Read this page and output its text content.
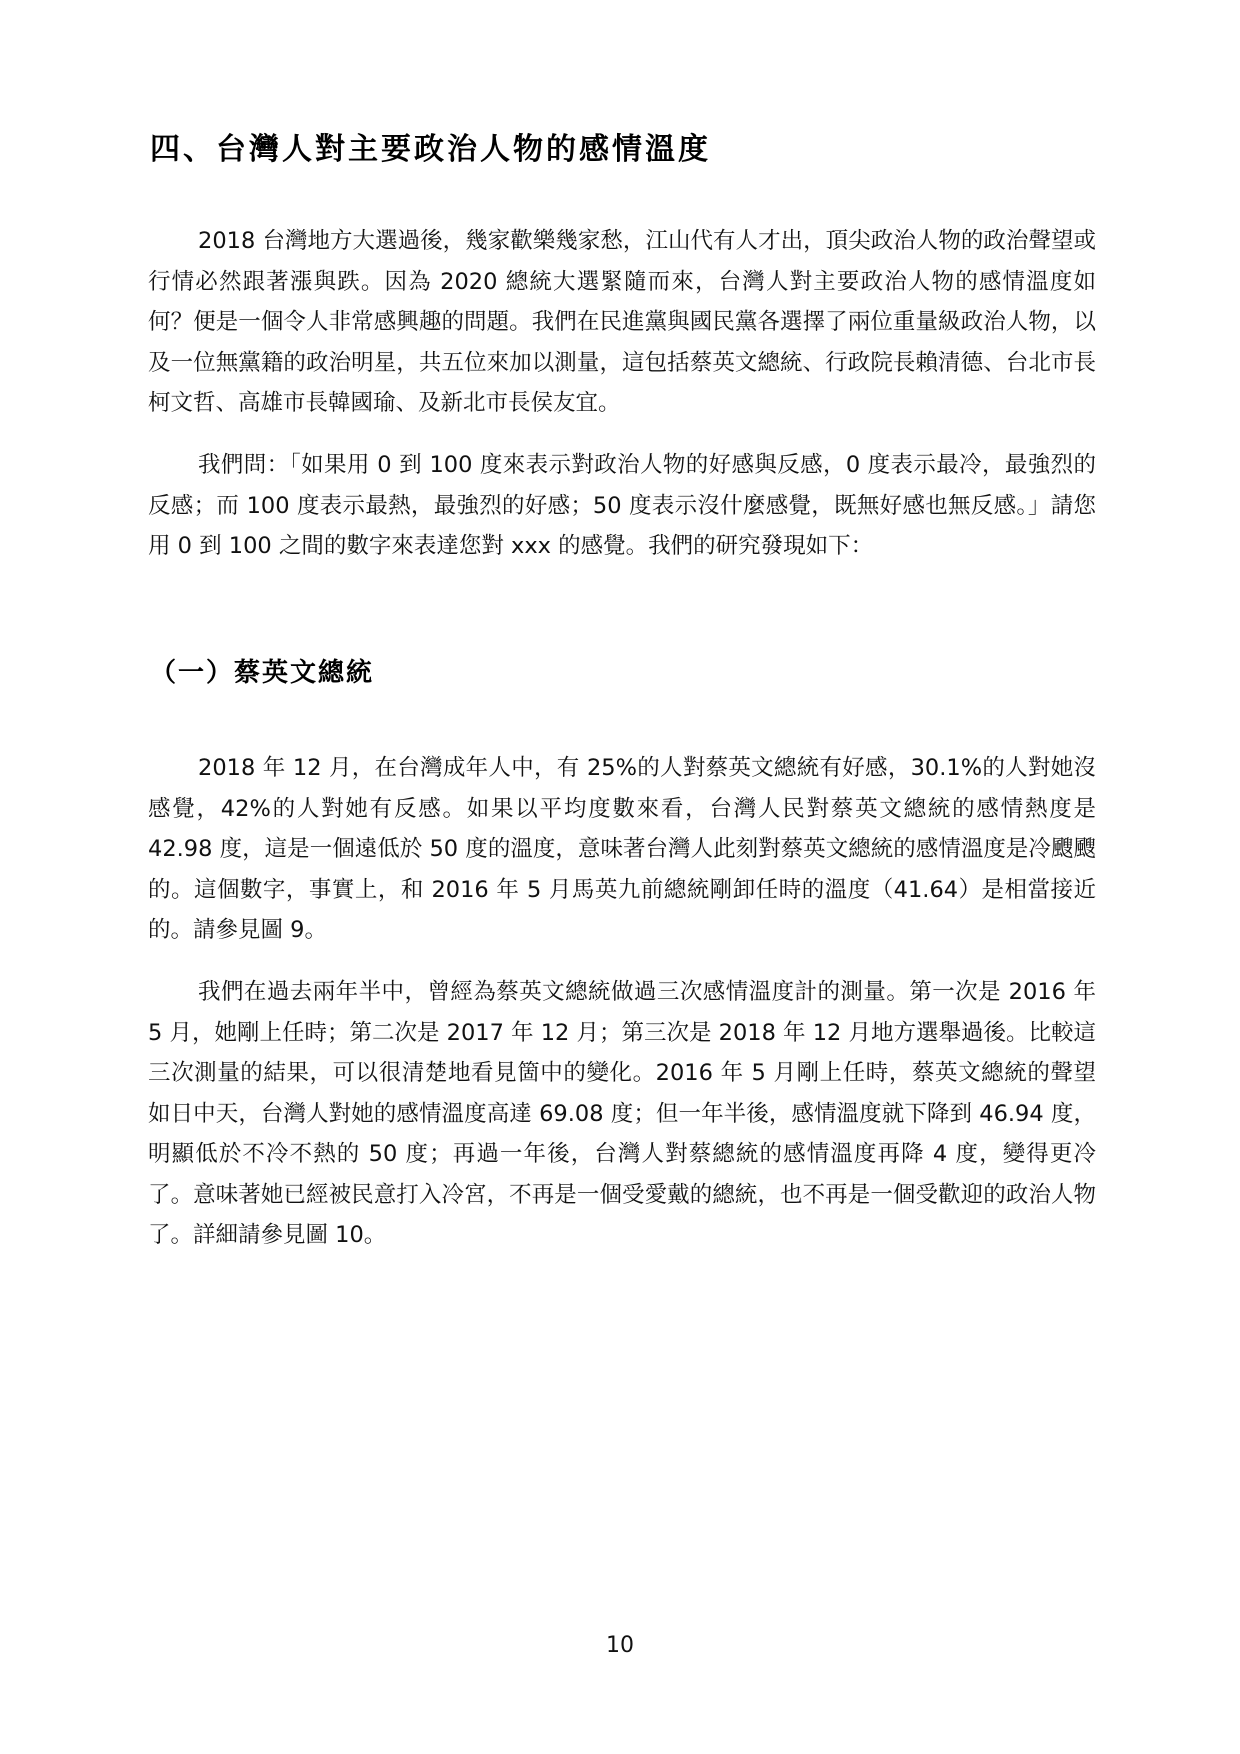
四、台灣人對主要政治人物的感情溫度

2018 台灣地方大選過後，幾家歡樂幾家愁，江山代有人才出，頂尖政治人物的政治聲望或行情必然跟著漲與跌。因為 2020 總統大選緊隨而來，台灣人對主要政治人物的感情溫度如何？便是一個令人非常感興趣的問題。我們在民進黨與國民黨各選擇了兩位重量級政治人物，以及一位無黨籍的政治明星，共五位來加以測量，這包括蔡英文總統、行政院長賴清德、台北市長柯文哲、高雄市長韓國瑜、及新北市長侯友宜。

我們問：「如果用 0 到 100 度來表示對政治人物的好感與反感，0 度表示最冷，最強烈的反感；而 100 度表示最熱，最強烈的好感；50 度表示沒什麼感覺，既無好感也無反感。」請您用 0 到 100 之間的數字來表達您對 xxx 的感覺。我們的研究發現如下：

（一）蔡英文總統

2018 年 12 月，在台灣成年人中，有 25%的人對蔡英文總統有好感，30.1%的人對她沒感覺，42%的人對她有反感。如果以平均度數來看，台灣人民對蔡英文總統的感情熱度是 42.98 度，這是一個遠低於 50 度的溫度，意味著台灣人此刻對蔡英文總統的感情溫度是冷颼颼的。這個數字，事實上，和 2016 年 5 月馬英九前總統剛卸任時的溫度（41.64）是相當接近的。請參見圖 9。

我們在過去兩年半中，曾經為蔡英文總統做過三次感情溫度計的測量。第一次是 2016 年 5 月，她剛上任時；第二次是 2017 年 12 月；第三次是 2018 年 12 月地方選舉過後。比較這三次測量的結果，可以很清楚地看見箇中的變化。2016 年 5 月剛上任時，蔡英文總統的聲望如日中天，台灣人對她的感情溫度高達 69.08 度；但一年半後，感情溫度就下降到 46.94 度，明顯低於不冷不熱的 50 度；再過一年後，台灣人對蔡總統的感情溫度再降 4 度，變得更冷了。意味著她已經被民意打入冷宮，不再是一個受愛戴的總統，也不再是一個受歡迎的政治人物了。詳細請參見圖 10。

10
